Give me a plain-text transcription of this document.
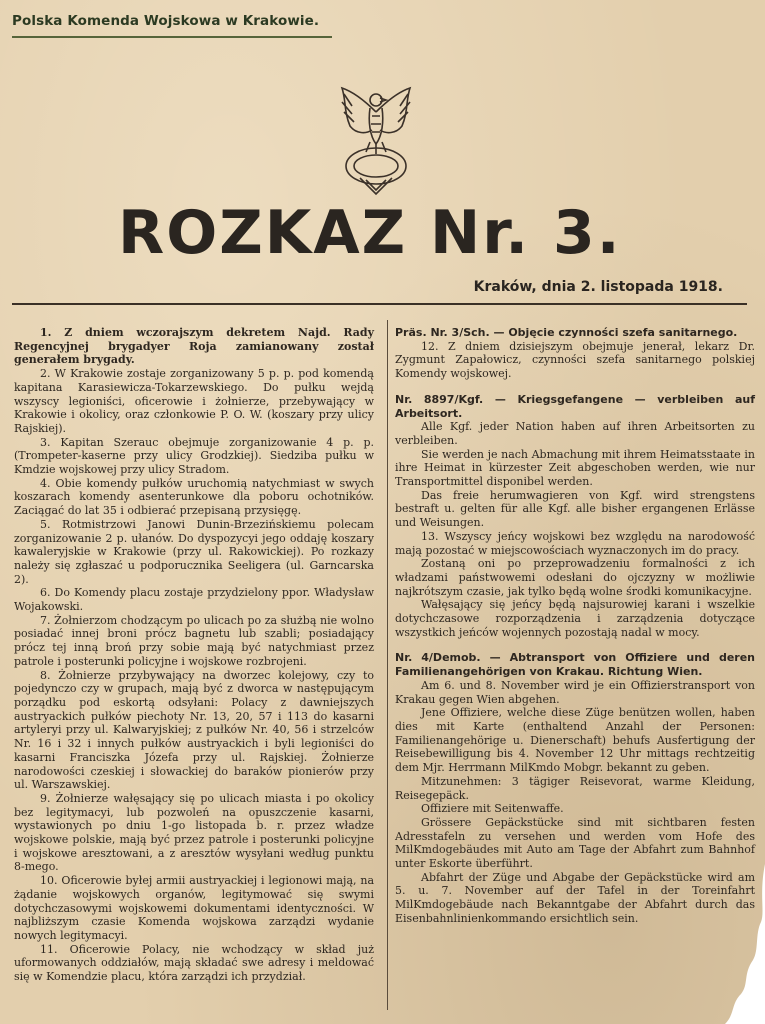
Polska Komenda Wojskowa w Krakowie.
ROZKAZ Nr. 3.
Kraków, dnia 2. listopada 1918.

1. Z dniem wczorajszym dekretem Najd. Rady Regencyjnej brygadyer Roja zamianowany został generałem brygady.

2. W Krakowie zostaje zorganizowany 5 p. p. pod komendą kapitana Karasiewicza-Tokarzewskiego. Do pułku wejdą wszyscy legioniści, oficerowie i żołnierze, przebywający w Krakowie i okolicy, oraz członkowie P. O. W. (koszary przy ulicy Rajskiej).

3. Kapitan Szerauc obejmuje zorganizowanie 4 p. p. (Trompeter-kaserne przy ulicy Grodzkiej). Siedziba pułku w Kmdzie wojskowej przy ulicy Stradom.

4. Obie komendy pułków uruchomią natychmiast w swych koszarach komendy asenterunkowe dla poboru ochotników. Zaciągać do lat 35 i odbierać przepisaną przysięgę.

5. Rotmistrzowi Janowi Dunin-Brzezińskiemu polecam zorganizowanie 2 p. ułanów. Do dyspozycyi jego oddaję koszary kawaleryjskie w Krakowie (przy ul. Rakowickiej). Po rozkazy należy się zgłaszać u podporucznika Seeligera (ul. Garncarska 2).

6. Do Komendy placu zostaje przydzielony ppor. Władysław Wojakowski.

7. Żołnierzom chodzącym po ulicach po za służbą nie wolno posiadać innej broni prócz bagnetu lub szabli; posiadający prócz tej inną broń przy sobie mają być natychmiast przez patrole i posterunki policyjne i wojskowe rozbrojeni.

8. Żołnierze przybywający na dworzec kolejowy, czy to pojedynczo czy w grupach, mają być z dworca w następującym porządku pod eskortą odsyłani: Polacy z dawniejszych austryackich pułków piechoty Nr. 13, 20, 57 i 113 do kasarni artyleryi przy ul. Kalwaryjskiej; z pułków Nr. 40, 56 i strzelców Nr. 16 i 32 i innych pułków austryackich i byli legioniści do kasarni Franciszka Józefa przy ul. Rajskiej. Żołnierze narodowości czeskiej i słowackiej do baraków pionierów przy ul. Warszawskiej.

9. Żołnierze wałęsający się po ulicach miasta i po okolicy bez legitymacyi, lub pozwoleń na opuszczenie kasarni, wystawionych po dniu 1-go listopada b. r. przez władze wojskowe polskie, mają być przez patrole i posterunki policyjne i wojskowe aresztowani, a z aresztów wysyłani według punktu 8-mego.

10. Oficerowie byłej armii austryackiej i legionowi mają, na żądanie wojskowych organów, legitymować się swymi dotychczasowymi wojskowemi dokumentami identyczności. W najbliższym czasie Komenda wojskowa zarządzi wydanie nowych legitymacyi.

11. Oficerowie Polacy, nie wchodzący w skład już uformowanych oddziałów, mają składać swe adresy i meldować się w Komendzie placu, która zarządzi ich przydział.

Präs. Nr. 3/Sch. — Objęcie czynności szefa sanitarnego.

12. Z dniem dzisiejszym obejmuje jenerał, lekarz Dr. Zygmunt Zapałowicz, czynności szefa sanitarnego polskiej Komendy wojskowej.

Nr. 8897/Kgf. — Kriegsgefangene — verbleiben auf Arbeitsort.

Alle Kgf. jeder Nation haben auf ihren Arbeitsorten zu verbleiben.

Sie werden je nach Abmachung mit ihrem Heimatsstaate in ihre Heimat in kürzester Zeit abgeschoben werden, wie nur Transportmittel disponibel werden.

Das freie herumwagieren von Kgf. wird strengstens bestraft u. gelten für alle Kgf. alle bisher ergangenen Erlässe und Weisungen.

13. Wszyscy jeńcy wojskowi bez względu na narodowość mają pozostać w miejscowościach wyznaczonych im do pracy.

Zostaną oni po przeprowadzeniu formalności z ich władzami państwowemi odesłani do ojczyzny w możliwie najkrótszym czasie, jak tylko będą wolne środki komunikacyjne.

Wałęsający się jeńcy będą najsurowiej karani i wszelkie dotychczasowe rozporządzenia i zarządzenia dotyczące wszystkich jeńców wojennych pozostają nadal w mocy.

Nr. 4/Demob. — Abtransport von Offiziere und deren Familienangehörigen von Krakau. Richtung Wien.

Am 6. und 8. November wird je ein Offizierstransport von Krakau gegen Wien abgehen.

Jene Offiziere, welche diese Züge benützen wollen, haben dies mit Karte (enthaltend Anzahl der Personen: Familienangehörige u. Dienerschaft) behufs Ausfertigung der Reisebewilligung bis 4. November 12 Uhr mittags rechtzeitig dem Mjr. Herrmann MilKmdo Mobgr. bekannt zu geben.

Mitzunehmen: 3 tägiger Reisevorat, warme Kleidung, Reisegepäck.

Offiziere mit Seitenwaffe.

Grössere Gepäckstücke sind mit sichtbaren festen Adresstafeln zu versehen und werden vom Hofe des MilKmdogebäudes mit Auto am Tage der Abfahrt zum Bahnhof unter Eskorte überführt.

Abfahrt der Züge und Abgabe der Gepäckstücke wird am 5. u. 7. November auf der Tafel in der Toreinfahrt MilKmdogebäude nach Bekanntgabe der Abfahrt durch das Eisenbahnlinienkommando ersichtlich sein.
